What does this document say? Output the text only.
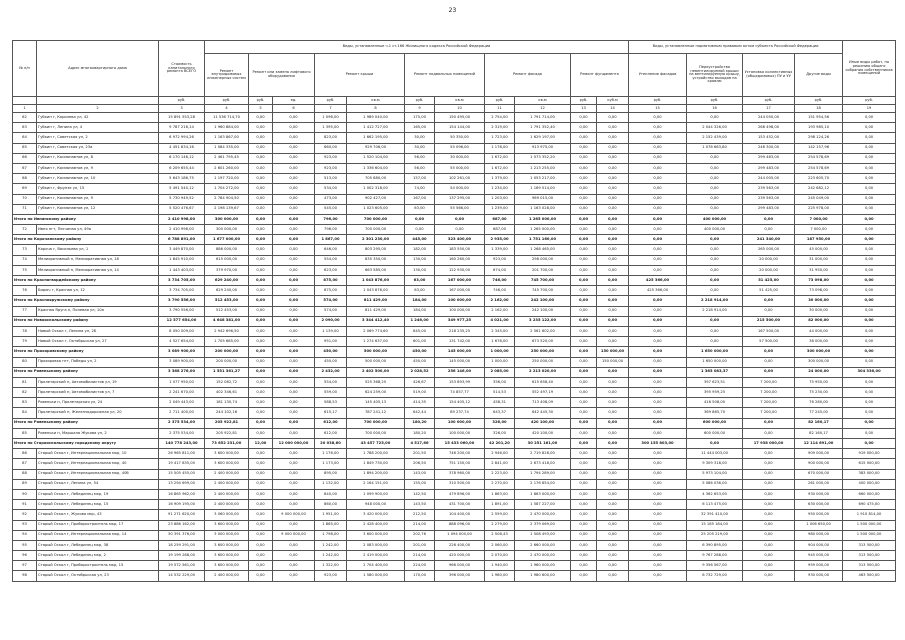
23
№ п/п	Адрес многоквартирного дома	Стоимость капитального ремонта ВСЕГО	Виды, установленные ч.1 ст.166 Жилищного кодекса Российской Федерации											Виды, установленные нормативным правовым актом субъекта Российской Федерации				Иные виды работ, по решению общего собрания собственников помещений
			Ремонт внутридомовых инженерных систем	Ремонт или замена лифтового оборудования		Ремонт крыши		Ремонт подвальных помещений		Ремонт фасада		Ремонт фундамента		Утепление фасадов	Переустройство невентилируемой крыши на вентилируемую крышу, устройство выходов на кровлю	Установка коллективных (общедомовых) ПУ и УУ	Другие виды	
		руб.	руб.	руб.	ед.	руб.	кв.м	руб.	кв.м	руб.	кв.м	руб.	куб.м	руб.	руб.	руб.	руб.	руб.
1	2	3	4	5	6	7	8	9	10	11	12	13	14	15	16	17	18	19
62	Губкин г, Королева ул, 42	15 891 553,28	11 536 714,70	0,00	0,00	1 096,00	1 989 040,00	175,00	150 495,00	2 754,00	1 791 714,00	0,00	0,00	0,00	0,00	244 050,00	151 954,56	0,00
63	Губкин г, Ленина ул, 4	9 787 216,14	1 960 884,00	0,00	0,00	1 395,00	1 412 727,00	165,00	154 144,00	2 319,00	1 791 352,40	0,00	0,00	0,00	2 044 326,00	268 498,00	193 985,10	0,00
64	Губкин г, Советская ул, 2	6 972 994,26	1 163 867,00	0,00	0,00	823,00	1 662 195,00	30,00	50 350,00	1 723,00	1 629 197,00	0,00	0,00	0,00	2 152 439,00	153 452,00	298 124,26	0,00
65	Губкин г, Советская ул, 23а	4 451 834,16	1 084 335,00	0,00	0,00	660,00	929 706,00	30,00	55 096,00	1 176,00	913 975,00	0,00	0,00	0,00	1 078 663,80	248 300,00	142 157,96	0,00
66	Губкин г, Космонавтов ул, 8	6 170 146,12	2 461 795,45	0,00	0,00	923,00	1 520 104,00	56,00	30 000,00	1 672,00	1 573 352,20	0,00	0,00	0,00	0,00	299 483,00	254 578,69	0,00
67	Губкин г, Космонавтов ул, 9	6 209 655,44	2 601 260,00	0,00	0,00	923,00	1 336 604,00	56,00	55 000,00	1 672,00	1 213 255,00	0,00	0,00	0,00	0,00	299 483,00	254 578,69	0,00
68	Губкин г, Космонавтов ул, 10	5 643 186,75	1 197 720,00	0,00	0,00	513,00	705 880,00	157,00	102 261,00	1 379,00	1 053 217,00	0,00	0,00	0,00	0,00	244 005,00	223 605,70	0,00
69	Губкин г, Фрунзе ул, 15	5 491 540,12	1 704 272,00	0,00	0,00	534,00	1 002 318,00	74,00	54 000,00	1 234,00	1 169 514,00	0,00	0,00	0,00	0,00	239 563,00	242 682,12	0,00
70	Губкин г, Космонавтов ул, 9	5 730 949,52	2 784 904,50	0,00	0,00	473,00	902 427,00	167,00	137 295,00	1 203,00	969 015,00	0,00	0,00	0,00	0,00	239 563,00	245 049,00	0,00
71	Губкин г, Космонавтов ул, 12	5 520 476,67	2 198 139,67	0,00	0,00	545,00	1 023 605,00	63,00	55 566,00	1 239,00	1 163 028,00	0,00	0,00	0,00	0,00	299 483,00	225 978,00	0,00
Итого по Ивнянскому району		2 410 998,00	300 000,00	0,00	0,00	796,00	700 000,00	0,00	0,00	687,00	1 265 000,00	0,00	0,00	0,00	400 000,00	0,00	7 000,00	0,00
72	Ивня пгт, Песчаная ул, 49а	2 410 998,00	300 000,00	0,00	0,00	796,00	700 000,00	0,00	0,00	687,00	1 265 000,00	0,00	0,00	0,00	400 000,00	0,00	7 000,00	0,00
Итого по Корочанскому району		6 788 891,00	1 677 000,00	0,00	0,00	1 867,00	2 301 230,00	445,00	323 400,00	2 935,00	1 751 160,00	0,00	0,00	0,00	0,00	241 340,00	187 950,00	0,00
73	Короча г, Васильева ул, 1	3 449 870,00	886 000,00	0,00	0,00	646,00	803 295,00	182,00	183 550,00	1 339,00	1 268 465,00	0,00	0,00	0,00	0,00	265 000,00	45 000,00	0,00
74	Мелиоративный п, Мелиоративная ул, 18	1 845 910,00	615 000,00	0,00	0,00	554,00	835 350,00	130,00	160 260,00	923,00	298 000,00	0,00	0,00	0,00	0,00	20 000,00	31 000,00	0,00
75	Мелиоративный п, Мелиоративная ул, 14	1 443 403,00	379 970,00	0,00	0,00	623,00	663 585,00	130,00	122 930,00	674,00	201 700,00	0,00	0,00	0,00	0,00	20 000,00	31 950,00	0,00
Итого по Красногвардейскому району		3 734 705,00	629 240,00	0,00	0,00	875,00	1 043 876,00	63,00	167 000,00	746,00	745 700,00	0,00	0,00	425 366,00	0,00	51 425,00	73 098,00	0,00
76	Бирюч г, Красная ул, 12	3 734 705,00	629 240,00	0,00	0,00	875,00	1 043 876,00	63,00	167 000,00	746,00	745 700,00	0,00	0,00	425 366,00	0,00	51 425,00	73 098,00	0,00
Итого по Краснояружскому району		3 790 556,00	512 453,00	0,00	0,00	574,00	811 429,00	184,00	100 000,00	2 162,00	242 100,00	0,00	0,00	0,00	2 218 914,00	0,00	30 000,00	0,00
77	Красная Яруга п, Полевая ул, 10а	3 790 556,00	512 453,00	0,00	0,00	574,00	811 429,00	184,00	100 000,00	2 162,00	242 100,00	0,00	0,00	0,00	2 218 914,00	0,00	30 000,00	0,00
Итого по Новооскольскому району		12 577 654,00	4 648 381,00	0,00	0,00	2 090,00	3 344 412,40	1 246,00	349 977,25	4 021,00	3 235 122,00	0,00	0,00	0,00	0,00	215 500,00	82 000,00	0,00
78	Новый Оскол г, Ленина ул, 2Б	8 050 009,00	2 942 696,50	0,00	0,00	1 139,00	2 069 774,60	645,00	218 235,25	2 345,00	2 561 602,00	0,00	0,00	0,00	0,00	167 500,00	44 000,00	0,00
79	Новый Оскол г, Октябрьская ул, 27	4 527 654,00	1 705 685,00	0,00	0,00	951,00	1 274 637,00	601,00	131 742,00	1 676,00	673 520,00	0,00	0,00	0,00	0,00	57 500,00	38 000,00	0,00
Итого по Прохоровскому району		3 089 900,00	200 000,00	0,00	0,00	450,00	500 000,00	450,00	145 000,00	1 000,00	250 000,00	0,00	150 000,00	0,00	1 650 000,00	0,00	300 000,00	0,00
80	Прохоровка пгт, Победы ул, 2	3 089 900,00	200 000,00	0,00	0,00	450,00	500 000,00	450,00	145 000,00	1 000,00	250 000,00	0,00	150 000,00	0,00	1 650 000,00	0,00	300 000,00	0,00
Итого по Ровеньскому району		3 368 276,00	1 551 361,27	0,00	0,00	2 432,00	2 402 500,00	2 028,52	256 146,00	2 085,00	2 213 020,00	0,00	0,00	0,00	1 365 083,37	0,00	24 000,00	304 336,00
81	Пролетарский п, Автомобилистов ул, 19	1 077 950,00	152 082,72	0,00	0,00	554,00	525 368,25	426,67	153 893,99	356,00	615 658,40	0,00	0,00	0,00	397 623,51	7 200,00	75 950,00	0,00
82	Пролетарский п, Автомобилистов ул, 7	2 241 670,00	402 346,61	0,00	0,00	559,00	624 259,00	519,00	74 857,77	514,53	552 497,19	0,00	0,00	0,00	395 959,25	7 200,00	75 230,00	0,00
83	Ровеньки п, Пролетарская ул, 24	2 049 443,00	181 130,74	0,00	0,00	588,53	145 405,13	414,35	154 405,12	458,31	713 408,09	0,00	0,00	0,00	416 508,00	7 200,00	76 280,00	0,00
84	Пролетарский п, Железнодорожная ул, 20	2 711 400,00	244 102,16	0,00	0,00	615,17	787 241,12	642,44	89 237,74	643,37	642 445,30	0,00	0,00	0,00	369 865,70	7 200,00	77 245,00	0,00
Итого по Ровеньскому району		2 375 534,00	205 922,81	0,00	0,00	612,00	700 000,00	180,20	100 000,00	326,00	420 100,00	0,00	0,00	0,00	600 000,00	0,00	82 160,17	0,00
85	Ровеньки п, Маршала Жукова ул, 2	2 375 534,00	205 922,81	0,00	0,00	612,00	700 000,00	180,20	100 000,00	326,00	420 100,00	0,00	0,00	0,00	600 000,00	0,00	82 160,17	0,00
Итого по Старооскольскому городскому округу		140 778 243,00	73 652 231,00	12,00	12 000 000,00	20 038,60	43 457 725,00	4 517,66	15 433 060,00	42 201,20	30 251 161,00	0,00	0,00	300 155 803,00	0,00	17 938 000,00	12 114 691,00	0,00
86	Старый Оскол г, Интернациональная мкр, 10	26 965 811,00	3 600 000,00	0,00	0,00	1 176,00	1 788 200,00	201,50	746 200,00	2 946,00	2 719 828,00	0,00	0,00	0,00	11 444 003,00	0,00	909 000,00	919 000,00
87	Старый Оскол г, Интернациональная мкр, 40	19 417 835,00	3 600 000,00	0,00	0,00	1 173,00	1 849 730,00	206,50	751 150,00	2 841,00	2 673 418,00	0,00	0,00	0,00	9 309 318,00	0,00	900 000,00	615 000,00
88	Старый Оскол г, Интернациональная мкр, 40б	15 505 455,00	2 400 000,00	0,00	0,00	895,00	1 894 200,00	143,00	378 960,00	2 223,00	1 794 289,00	0,00	0,00	0,00	5 973 104,00	0,00	670 000,00	383 000,00
89	Старый Оскол г, Ленина ул, 54	13 294 699,00	2 400 000,00	0,00	0,00	1 132,00	2 164 151,00	155,00	310 500,00	2 270,00	2 176 854,00	0,00	0,00	0,00	5 086 036,00	0,00	261 000,00	400 000,00
90	Старый Оскол г, Лебединец мкр, 19	16 865 962,00	2 400 000,00	0,00	0,00	840,00	1 099 900,00	142,50	479 896,00	1 863,00	1 863 000,00	0,00	0,00	0,00	4 362 653,00	0,00	930 000,00	660 000,00
91	Старый Оскол г, Лебединец мкр, 15	16 909 195,00	2 400 000,00	0,00	0,00	860,00	948 000,00	143,50	431 700,00	1 891,00	1 587 227,00	0,00	0,00	0,00	6 113 475,00	0,00	630 000,00	690 475,00
92	Старый Оскол г, Жукова мкр, 43	91 271 620,00	3 060 000,00	0,00	9 000 000,00	1 951,00	3 420 000,00	212,50	104 400,00	2 559,00	2 470 000,00	0,00	0,00	0,00	32 391 410,00	0,00	950 000,00	1 910 814,00
93	Старый Оскол г, Приборостроитель мкр, 17	23 886 162,00	3 600 000,00	0,00	0,00	1 865,00	2 428 400,00	214,00	888 096,00	2 279,00	2 379 069,00	0,00	0,00	0,00	15 185 184,00	0,00	1 006 650,00	1 500 000,00
94	Старый Оскол г, Интернациональная мкр, 14	30 391 376,00	3 000 000,00	0,00	9 000 000,00	1 798,00	3 600 000,00	202,76	1 094 000,00	2 508,43	1 508 493,00	0,00	0,00	0,00	25 205 219,00	0,00	980 000,00	1 500 000,00
95	Старый Оскол г, Лебединец мкр, 38	18 259 291,00	3 600 000,00	0,00	0,00	1 242,00	2 083 000,00	201,00	226 400,00	2 060,00	2 660 000,00	0,00	0,00	0,00	6 390 895,00	0,00	904 000,00	313 500,00
96	Старый Оскол г, Лебединец мкр, 2	19 199 288,00	3 600 000,00	0,00	0,00	1 242,00	2 419 000,00	214,00	420 000,00	2 070,00	2 470 000,00	0,00	0,00	0,00	9 767 288,00	0,00	945 000,00	313 500,00
97	Старый Оскол г, Приборостроитель мкр, 15	19 572 561,00	3 600 000,00	0,00	0,00	1 322,00	2 704 400,00	224,00	966 000,00	1 940,00	1 960 000,00	0,00	0,00	0,00	9 356 567,00	0,00	959 000,00	313 500,00
98	Старый Оскол г, Октябрьская ул, 23	14 532 229,00	2 400 000,00	0,00	0,00	923,00	1 580 000,00	170,00	396 000,00	1 980,00	1 980 600,00	0,00	0,00	0,00	6 732 729,00	0,00	930 000,00	463 500,00
